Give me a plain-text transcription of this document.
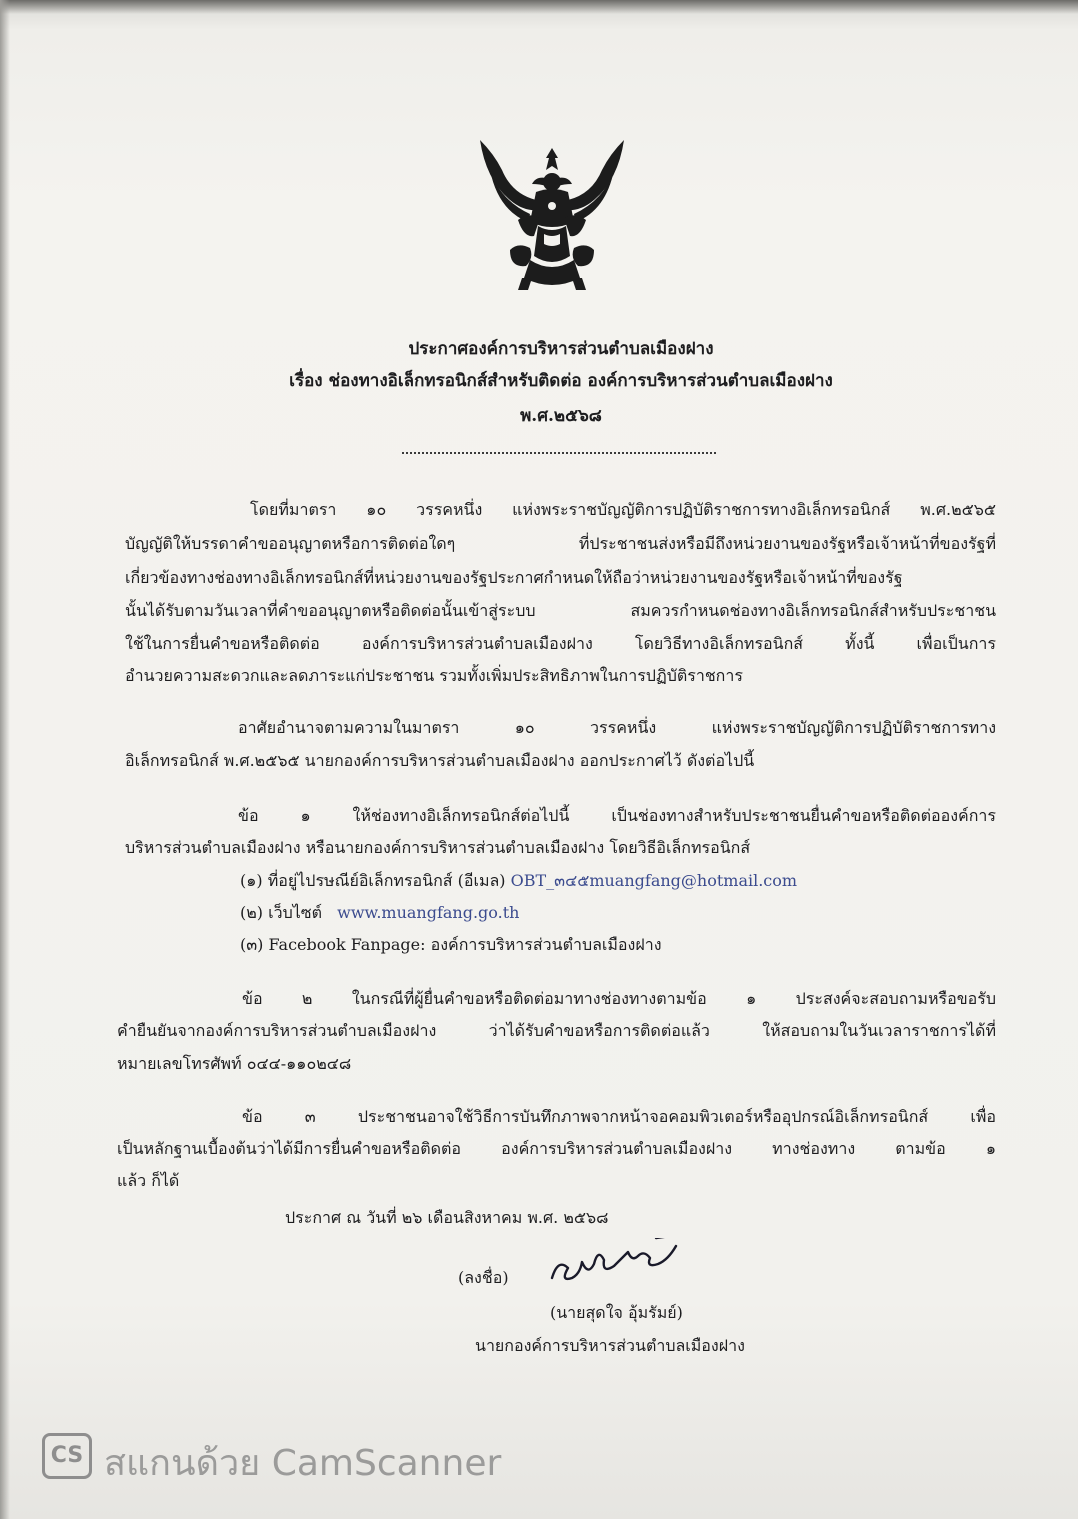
ประกาศองค์การบริหารส่วนตำบลเมืองฝาง
เรื่อง ช่องทางอิเล็กทรอนิกส์สำหรับติดต่อ องค์การบริหารส่วนตำบลเมืองฝาง
พ.ศ.๒๕๖๘
โดยที่มาตรา ๑๐ วรรคหนึ่ง แห่งพระราชบัญญัติการปฏิบัติราชการทางอิเล็กทรอนิกส์ พ.ศ.๒๕๖๕
บัญญัติให้บรรดาคำขออนุญาตหรือการติดต่อใดๆ ที่ประชาชนส่งหรือมีถึงหน่วยงานของรัฐหรือเจ้าหน้าที่ของรัฐที่
เกี่ยวข้องทางช่องทางอิเล็กทรอนิกส์ที่หน่วยงานของรัฐประกาศกำหนดให้ถือว่าหน่วยงานของรัฐหรือเจ้าหน้าที่ของรัฐ
นั้นได้รับตามวันเวลาที่คำขออนุญาตหรือติดต่อนั้นเข้าสู่ระบบ สมควรกำหนดช่องทางอิเล็กทรอนิกส์สำหรับประชาชน
ใช้ในการยื่นคำขอหรือติดต่อ องค์การบริหารส่วนตำบลเมืองฝาง โดยวิธีทางอิเล็กทรอนิกส์ ทั้งนี้ เพื่อเป็นการ
อำนวยความสะดวกและลดภาระแก่ประชาชน รวมทั้งเพิ่มประสิทธิภาพในการปฏิบัติราชการ
อาศัยอำนาจตามความในมาตรา ๑๐ วรรคหนึ่ง แห่งพระราชบัญญัติการปฏิบัติราชการทาง
อิเล็กทรอนิกส์ พ.ศ.๒๕๖๕ นายกองค์การบริหารส่วนตำบลเมืองฝาง ออกประกาศไว้ ดังต่อไปนี้
ข้อ ๑ ให้ช่องทางอิเล็กทรอนิกส์ต่อไปนี้ เป็นช่องทางสำหรับประชาชนยื่นคำขอหรือติดต่อองค์การ
บริหารส่วนตำบลเมืองฝาง หรือนายกองค์การบริหารส่วนตำบลเมืองฝาง โดยวิธีอิเล็กทรอนิกส์
(๑) ที่อยู่ไปรษณีย์อิเล็กทรอนิกส์ (อีเมล) OBT_๓๔๕muangfang@hotmail.com
(๒) เว็บไซต์ www.muangfang.go.th
(๓) Facebook Fanpage: องค์การบริหารส่วนตำบลเมืองฝาง
ข้อ ๒ ในกรณีที่ผู้ยื่นคำขอหรือติดต่อมาทางช่องทางตามข้อ ๑ ประสงค์จะสอบถามหรือขอรับ
คำยืนยันจากองค์การบริหารส่วนตำบลเมืองฝาง ว่าได้รับคำขอหรือการติดต่อแล้ว ให้สอบถามในวันเวลาราชการได้ที่
หมายเลขโทรศัพท์ ๐๔๔-๑๑๐๒๔๘
ข้อ ๓ ประชาชนอาจใช้วิธีการบันทึกภาพจากหน้าจอคอมพิวเตอร์หรืออุปกรณ์อิเล็กทรอนิกส์ เพื่อ
เป็นหลักฐานเบื้องต้นว่าได้มีการยื่นคำขอหรือติดต่อ องค์การบริหารส่วนตำบลเมืองฝาง ทางช่องทาง ตามข้อ ๑
แล้ว ก็ได้
ประกาศ ณ วันที่ ๒๖ เดือนสิงหาคม พ.ศ. ๒๕๖๘
(ลงชื่อ)
(นายสุดใจ อุ้มรัมย์)
นายกองค์การบริหารส่วนตำบลเมืองฝาง
CS สแกนด้วย CamScanner
